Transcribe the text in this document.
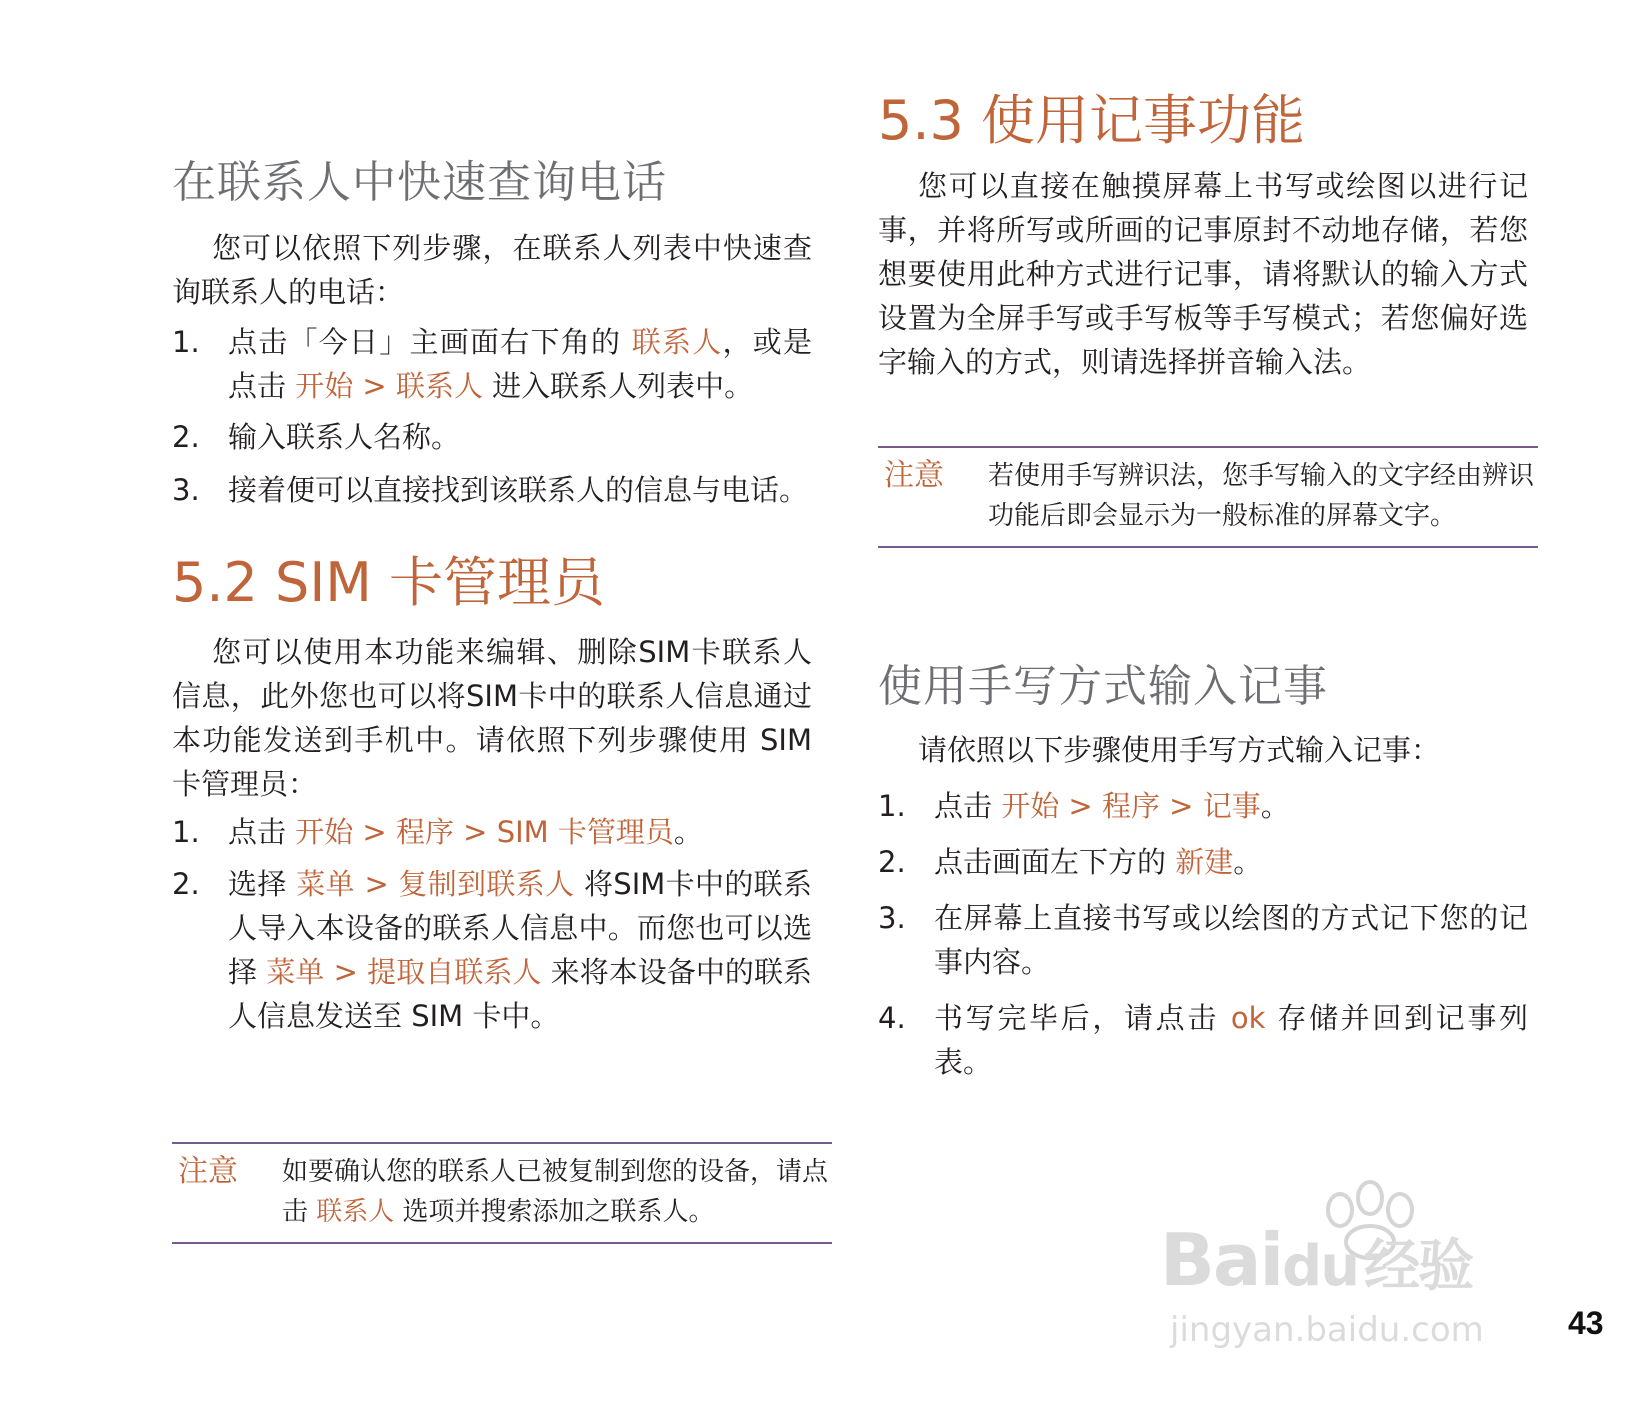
在联系人中快速查询电话

您可以依照下列步骤，在联系人列表中快速查询联系人的电话：

1. 点击「今日」主画面右下角的 联系人，或是点击 开始 > 联系人 进入联系人列表中。
2. 输入联系人名称。
3. 接着便可以直接找到该联系人的信息与电话。
5.2 SIM 卡管理员

您可以使用本功能来编辑、删除SIM卡联系人信息，此外您也可以将SIM卡中的联系人信息通过本功能发送到手机中。请依照下列步骤使用 SIM 卡管理员：

1. 点击 开始 > 程序 > SIM 卡管理员。
2. 选择 菜单 > 复制到联系人 将SIM卡中的联系人导入本设备的联系人信息中。而您也可以选择 菜单 > 提取自联系人 来将本设备中的联系人信息发送至 SIM 卡中。
注意	如要确认您的联系人已被复制到您的设备，请点击 联系人 选项并搜索添加之联系人。
5.3 使用记事功能

您可以直接在触摸屏幕上书写或绘图以进行记事，并将所写或所画的记事原封不动地存储，若您想要使用此种方式进行记事，请将默认的输入方式设置为全屏手写或手写板等手写模式；若您偏好选字输入的方式，则请选择拼音输入法。

注意	若使用手写辨识法，您手写输入的文字经由辨识功能后即会显示为一般标准的屏幕文字。
使用手写方式输入记事

请依照以下步骤使用手写方式输入记事：

1. 点击 开始 > 程序 > 记事。
2. 点击画面左下方的 新建。
3. 在屏幕上直接书写或以绘图的方式记下您的记事内容。
4. 书写完毕后，请点击 ok 存储并回到记事列表。
Baidu 经验
jingyan.baidu.com	43
